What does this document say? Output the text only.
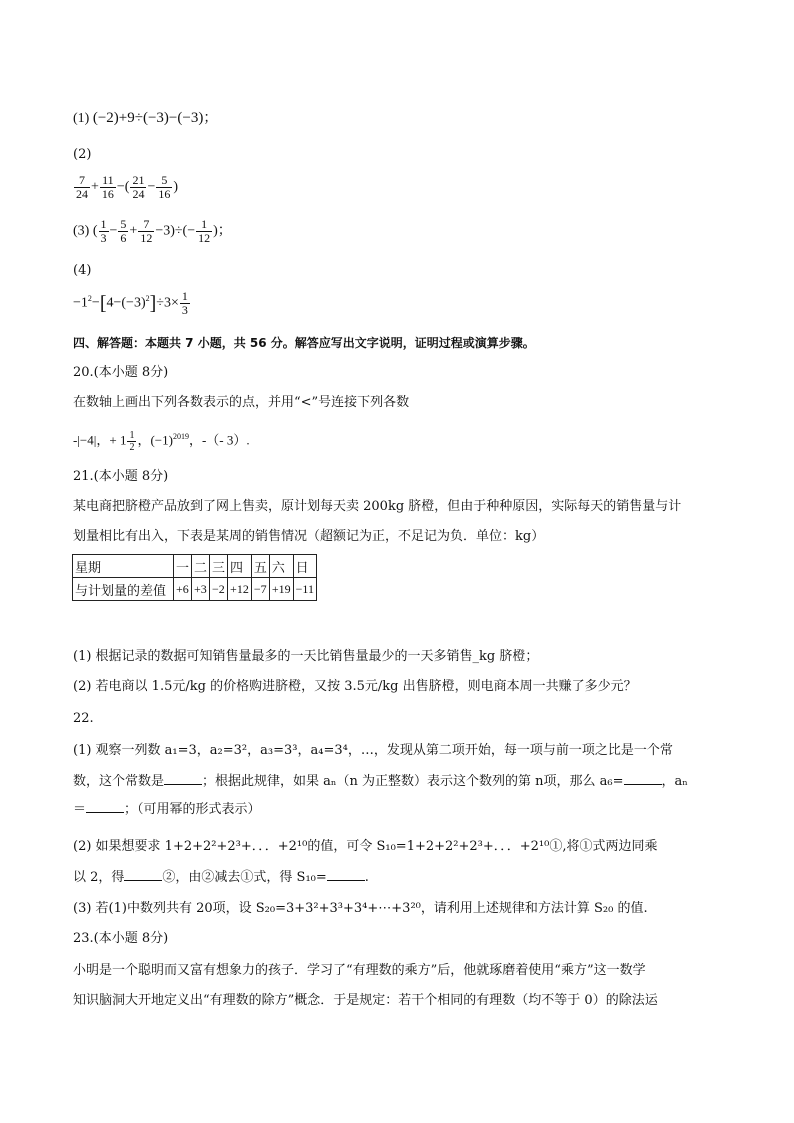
(1) (−2)+9÷(−3)−(−3)；
(2)
$\frac{7}{24} + \frac{11}{16}$ −( $\frac{21}{24} - \frac{5}{16}$ )
(3) ( $\frac{1}{3} - \frac{5}{6} + \frac{7}{12} -3)\div(- \frac{1}{12}$ )；
(4)
$-1^2-[4-(-3)^2]\div 3\times \frac{1}{3}$
四、解答题：本题共 7 小题，共 56 分。解答应写出文字说明，证明过程或演算步骤。
20.(本小题 8分)
在数轴上画出下列各数表示的点，并用“<”号连接下列各数
-|−4|，+ $1 \frac{1}{2}$ ，$(-1)^{2019}$，-（- 3）.
21.(本小题 8分)
某电商把脐橙产品放到了网上售卖，原计划每天卖 200kg 脐橙，但由于种种原因，实际每天的销售量与计
划量相比有出入，下表是某周的销售情况（超额记为正，不足记为负．单位：kg）
星期	一	二	三	四	五	六	日
与计划量的差值	+6	+3	−2	+12	−7	+19	−11
(1) 根据记录的数据可知销售量最多的一天比销售量最少的一天多销售_kg 脐橙；
(2) 若电商以 1.5元/kg 的价格购进脐橙，又按 3.5元/kg 出售脐橙，则电商本周一共赚了多少元？
22.
(1) 观察一列数 a₁=3，a₂=3²，a₃=3³，a₄=3⁴，…，发现从第二项开始，每一项与前一项之比是一个常
数，这个常数是	；根据此规律，如果 aₙ（n 为正整数）表示这个数列的第 n项，那么 a₆=	，aₙ
＝	；（可用幂的形式表示）
(2) 如果想要求 1+2+2²+2³+．．．+2¹⁰的值，可令 S₁₀=1+2+2²+2³+．．．+2¹⁰①,将①式两边同乘
以 2，得	②，由②减去①式，得 S₁₀=	.
(3) 若(1)中数列共有 20项，设 S₂₀=3+3²+3³+3⁴+⋯+3²⁰，请利用上述规律和方法计算 S₂₀ 的值.
23.(本小题 8分)
小明是一个聪明而又富有想象力的孩子．学习了“有理数的乘方”后，他就琢磨着使用“乘方”这一数学
知识脑洞大开地定义出“有理数的除方”概念．于是规定：若干个相同的有理数（均不等于 0）的除法运
